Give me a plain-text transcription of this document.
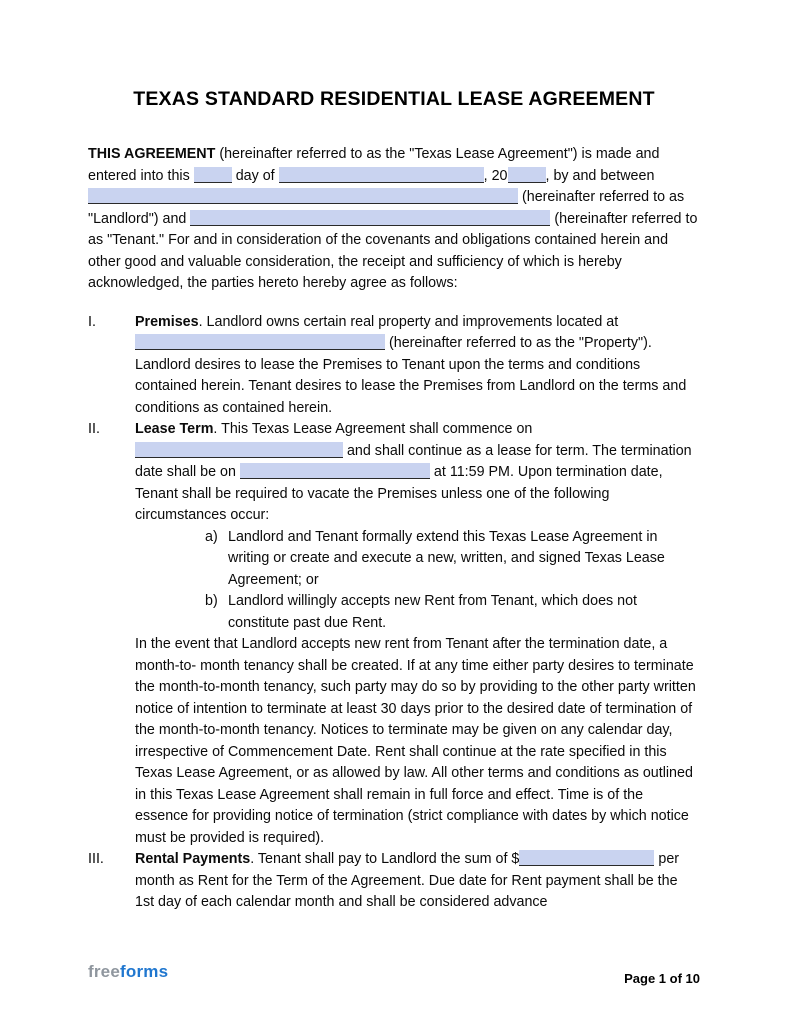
TEXAS STANDARD RESIDENTIAL LEASE AGREEMENT

THIS AGREEMENT (hereinafter referred to as the "Texas Lease Agreement") is made and entered into this	day of	, 20	, by and between  (hereinafter referred to as "Landlord") and	(hereinafter referred to as "Tenant." For and in consideration of the covenants and obligations contained herein and other good and valuable consideration, the receipt and sufficiency of which is hereby acknowledged, the parties hereto hereby agree as follows:

I.	Premises. Landlord owns certain real property and improvements located at  (hereinafter referred to as the "Property"). Landlord desires to lease the Premises to Tenant upon the terms and conditions contained herein. Tenant desires to lease the Premises from Landlord on the terms and conditions as contained herein.
II.	Lease Term. This Texas Lease Agreement shall commence on  and shall continue as a lease for term. The termination date shall be on	at 11:59 PM. Upon termination date, Tenant shall be required to vacate the Premises unless one of the following circumstances occur:
a) Landlord and Tenant formally extend this Texas Lease Agreement in writing or create and execute a new, written, and signed Texas Lease Agreement; or
b) Landlord willingly accepts new Rent from Tenant, which does not constitute past due Rent.
In the event that Landlord accepts new rent from Tenant after the termination date, a month-to- month tenancy shall be created. If at any time either party desires to terminate the month-to-month tenancy, such party may do so by providing to the other party written notice of intention to terminate at least 30 days prior to the desired date of termination of the month-to-month tenancy. Notices to terminate may be given on any calendar day, irrespective of Commencement Date. Rent shall continue at the rate specified in this Texas Lease Agreement, or as allowed by law. All other terms and conditions as outlined in this Texas Lease Agreement shall remain in full force and effect. Time is of the essence for providing notice of termination (strict compliance with dates by which notice must be provided is required).
III.	Rental Payments. Tenant shall pay to Landlord the sum of $	per month as Rent for the Term of the Agreement. Due date for Rent payment shall be the 1st day of each calendar month and shall be considered advance
freeforms	Page 1 of 10
